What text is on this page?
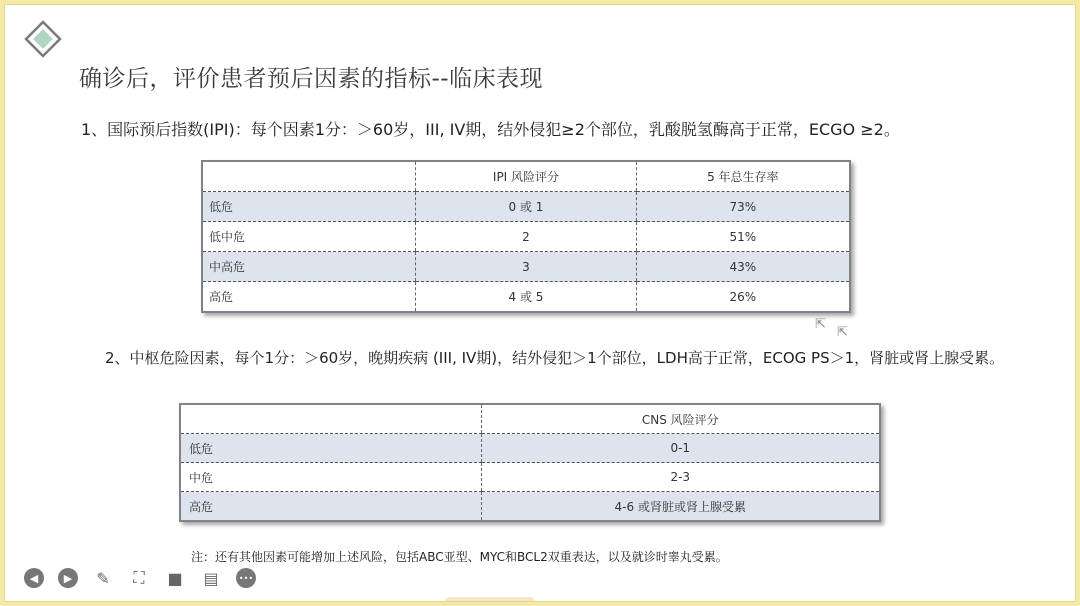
确诊后，评价患者预后因素的指标--临床表现
1、国际预后指数(IPI)：每个因素1分：＞60岁，III, IV期，结外侵犯≥2个部位，乳酸脱氢酶高于正常，ECGO ≥2。
	IPI 风险评分	5 年总生存率
低危	0 或 1	73%
低中危	2	51%
中高危	3	43%
高危	4 或 5	26%
⇱
⇱
2、中枢危险因素，每个1分：＞60岁，晚期疾病 (III, IV期)，结外侵犯＞1个部位，LDH高于正常，ECOG PS＞1，肾脏或肾上腺受累。
	CNS 风险评分
低危	0-1
中危	2-3
高危	4-6 或肾脏或肾上腺受累
注：还有其他因素可能增加上述风险，包括ABC亚型、MYC和BCL2双重表达，以及就诊时睾丸受累。
◀	▶	✎	⛶	■ ▤	•••
